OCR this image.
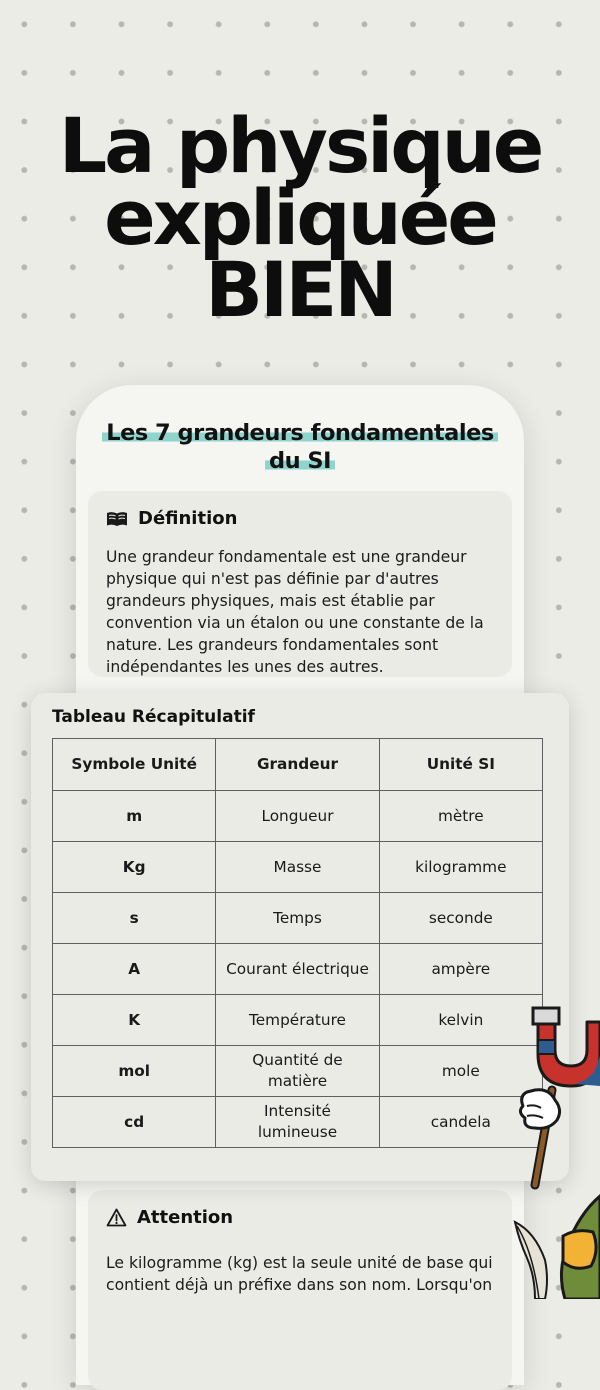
La physique
expliquée
BIEN
Les 7 grandeurs fondamentales
du SI
Définition

Une grandeur fondamentale est une grandeur physique qui n'est pas définie par d'autres grandeurs physiques, mais est établie par convention via un étalon ou une constante de la nature. Les grandeurs fondamentales sont indépendantes les unes des autres.

Attention

Le kilogramme (kg) est la seule unité de base qui contient déjà un préfixe dans son nom. Lorsqu'on

Tableau Récapitulatif
Symbole Unité	Grandeur	Unité SI
m	Longueur	mètre
Kg	Masse	kilogramme
s	Temps	seconde
A	Courant électrique	ampère
K	Température	kelvin
mol	Quantité de matière	mole
cd	Intensité lumineuse	candela
